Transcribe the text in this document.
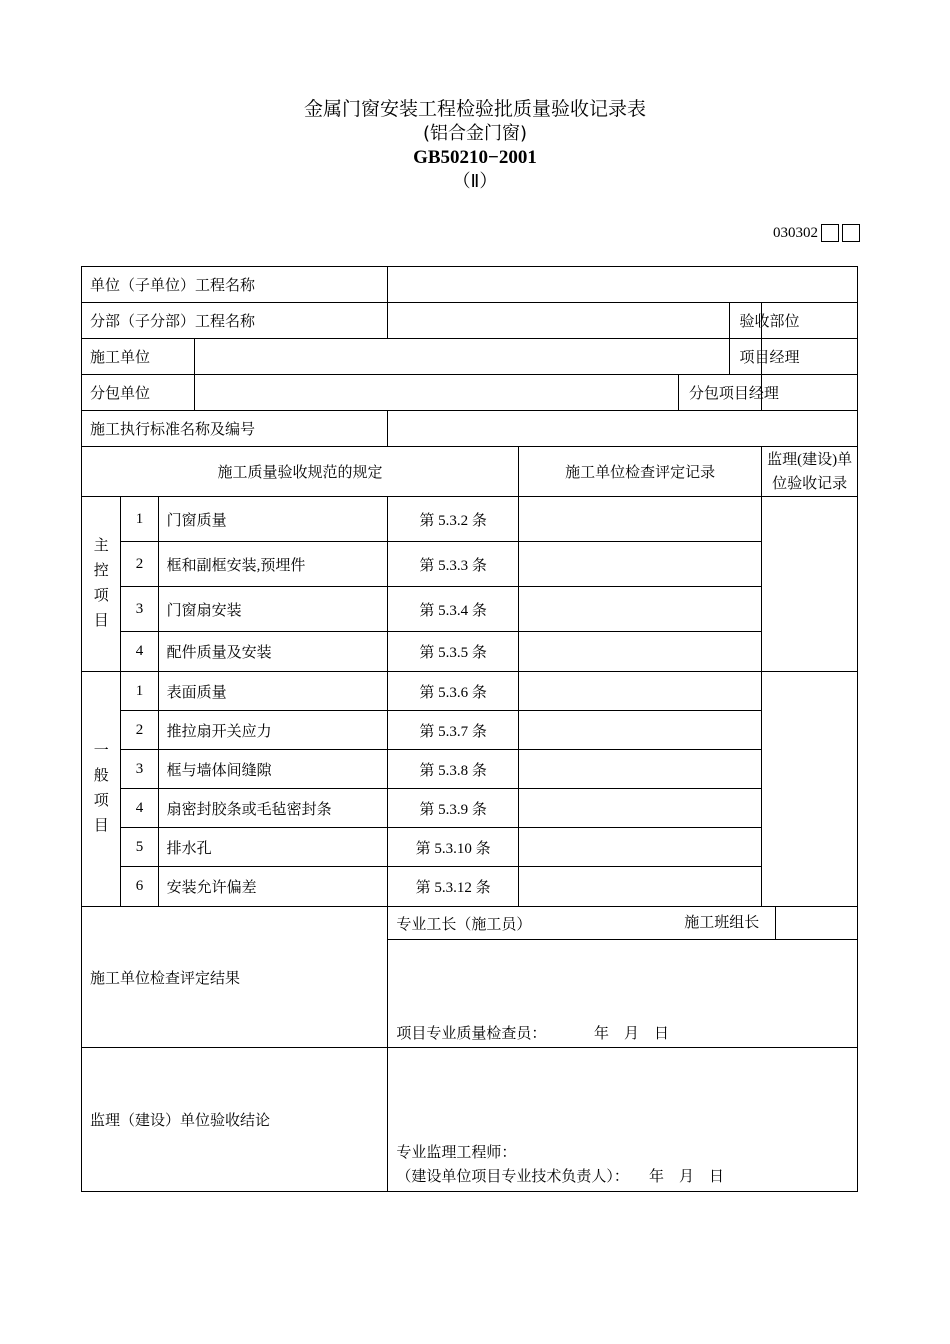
金属门窗安装工程检验批质量验收记录表
(铝合金门窗)
GB50210−2001
（Ⅱ）
030302
单位（子单位）工程名称								
分部（子分部）工程名称							验收部位	
施工单位							项目经理	
分包单位						分包项目经理		
施工执行标准名称及编号								
施工质量验收规范的规定					施工单位检查评定记录			监理(建设)单位验收记录

主
控
项
目	1	门窗质量		第 5.3.2 条				
	2	框和副框安装,预埋件		第 5.3.3 条				
	3	门窗扇安装		第 5.3.4 条				
	4	配件质量及安装		第 5.3.5 条				

一
般
项
目	1	表面质量		第 5.3.6 条				
	2	推拉扇开关应力		第 5.3.7 条				
	3	框与墙体间缝隙		第 5.3.8 条				
	4	扇密封胶条或毛毡密封条		第 5.3.9 条				
	5	排水孔		第 5.3.10 条				
	6	安装允许偏差		第 5.3.12 条				
施工单位检查评定结果				专业工长（施工员）				施工班组长

				项目专业质量检查员： 年　月　日				

监理（建设）单位验收结论				专业监理工程师：
（建设单位项目专业技术负责人）： 年　月　日				
